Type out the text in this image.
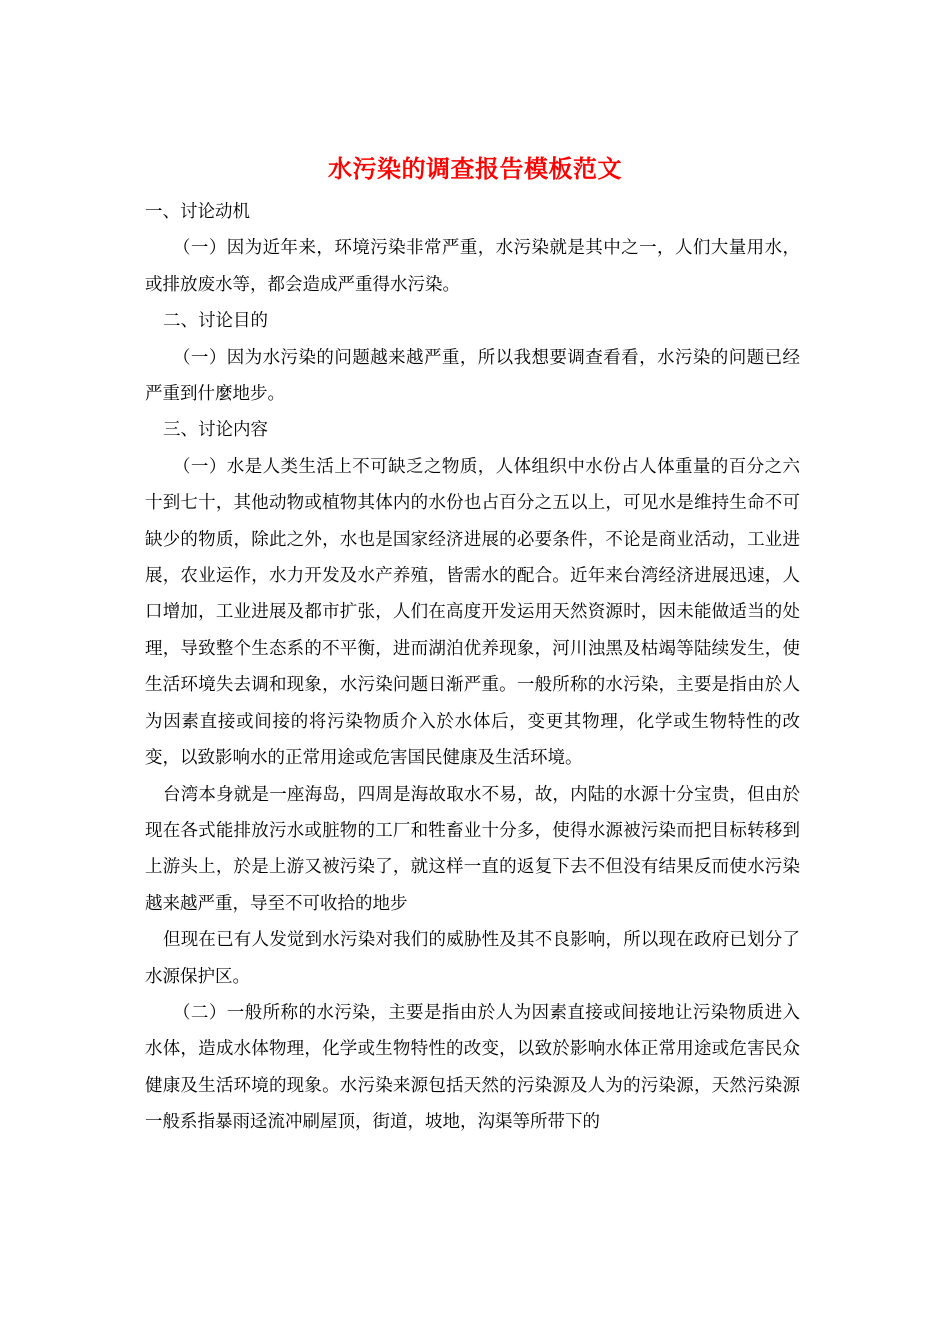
水污染的调查报告模板范文

一、讨论动机

（一）因为近年来，环境污染非常严重，水污染就是其中之一，人们大量用水，或排放废水等，都会造成严重得水污染。

二、讨论目的

（一）因为水污染的问题越来越严重，所以我想要调查看看，水污染的问题已经严重到什麼地步。

三、讨论内容

（一）水是人类生活上不可缺乏之物质，人体组织中水份占人体重量的百分之六十到七十，其他动物或植物其体内的水份也占百分之五以上，可见水是维持生命不可缺少的物质，除此之外，水也是国家经济进展的必要条件，不论是商业活动，工业进展，农业运作，水力开发及水产养殖，皆需水的配合。近年来台湾经济进展迅速，人口增加，工业进展及都市扩张，人们在高度开发运用天然资源时，因未能做适当的处理，导致整个生态系的不平衡，进而湖泊优养现象，河川浊黑及枯竭等陆续发生，使生活环境失去调和现象，水污染问题日渐严重。一般所称的水污染，主要是指由於人为因素直接或间接的将污染物质介入於水体后，变更其物理，化学或生物特性的改变，以致影响水的正常用途或危害国民健康及生活环境。

台湾本身就是一座海岛，四周是海故取水不易，故，内陆的水源十分宝贵，但由於现在各式能排放污水或脏物的工厂和牲畜业十分多，使得水源被污染而把目标转移到上游头上，於是上游又被污染了，就这样一直的返复下去不但没有结果反而使水污染越来越严重，导至不可收拾的地步

但现在已有人发觉到水污染对我们的威胁性及其不良影响，所以现在政府已划分了水源保护区。

（二）一般所称的水污染，主要是指由於人为因素直接或间接地让污染物质进入水体，造成水体物理，化学或生物特性的改变，以致於影响水体正常用途或危害民众健康及生活环境的现象。水污染来源包括天然的污染源及人为的污染源，天然污染源一般系指暴雨迳流冲刷屋顶，街道，坡地，沟渠等所带下的
